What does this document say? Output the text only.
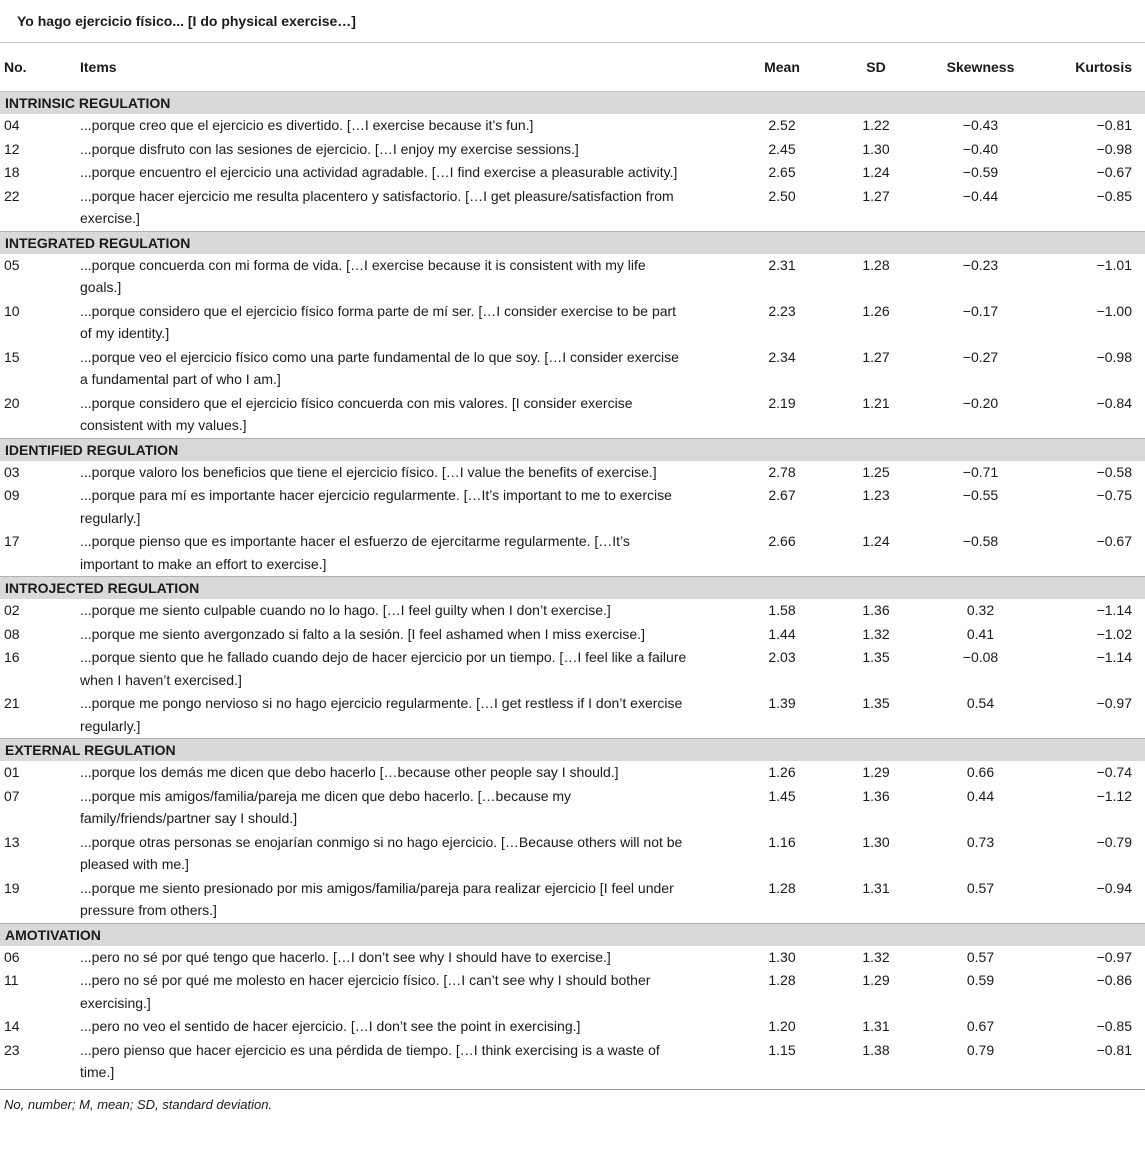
Yo hago ejercicio físico... [I do physical exercise…]
No.	Items	Mean	SD	Skewness	Kurtosis
INTRINSIC REGULATION					
04	...porque creo que el ejercicio es divertido. […I exercise because it’s fun.]	2.52	1.22	−0.43	−0.81
12	...porque disfruto con las sesiones de ejercicio. […I enjoy my exercise sessions.]	2.45	1.30	−0.40	−0.98
18	...porque encuentro el ejercicio una actividad agradable. […I find exercise a pleasurable activity.]	2.65	1.24	−0.59	−0.67
22	...porque hacer ejercicio me resulta placentero y satisfactorio. […I get pleasure/satisfaction from exercise.]	2.50	1.27	−0.44	−0.85
INTEGRATED REGULATION					
05	...porque concuerda con mi forma de vida. […I exercise because it is consistent with my life goals.]	2.31	1.28	−0.23	−1.01
10	...porque considero que el ejercicio físico forma parte de mí ser. […I consider exercise to be part of my identity.]	2.23	1.26	−0.17	−1.00
15	...porque veo el ejercicio físico como una parte fundamental de lo que soy. […I consider exercise a fundamental part of who I am.]	2.34	1.27	−0.27	−0.98
20	...porque considero que el ejercicio físico concuerda con mis valores. [I consider exercise consistent with my values.]	2.19	1.21	−0.20	−0.84
IDENTIFIED REGULATION					
03	...porque valoro los beneficios que tiene el ejercicio físico. […I value the benefits of exercise.]	2.78	1.25	−0.71	−0.58
09	...porque para mí es importante hacer ejercicio regularmente. […It’s important to me to exercise regularly.]	2.67	1.23	−0.55	−0.75
17	...porque pienso que es importante hacer el esfuerzo de ejercitarme regularmente. […It’s important to make an effort to exercise.]	2.66	1.24	−0.58	−0.67
INTROJECTED REGULATION					
02	...porque me siento culpable cuando no lo hago. […I feel guilty when I don’t exercise.]	1.58	1.36	0.32	−1.14
08	...porque me siento avergonzado si falto a la sesión. [I feel ashamed when I miss exercise.]	1.44	1.32	0.41	−1.02
16	...porque siento que he fallado cuando dejo de hacer ejercicio por un tiempo. […I feel like a failure when I haven’t exercised.]	2.03	1.35	−0.08	−1.14
21	...porque me pongo nervioso si no hago ejercicio regularmente. […I get restless if I don’t exercise regularly.]	1.39	1.35	0.54	−0.97
EXTERNAL REGULATION					
01	...porque los demás me dicen que debo hacerlo […because other people say I should.]	1.26	1.29	0.66	−0.74
07	...porque mis amigos/familia/pareja me dicen que debo hacerlo. […because my family/friends/partner say I should.]	1.45	1.36	0.44	−1.12
13	...porque otras personas se enojarían conmigo si no hago ejercicio. […Because others will not be pleased with me.]	1.16	1.30	0.73	−0.79
19	...porque me siento presionado por mis amigos/familia/pareja para realizar ejercicio [I feel under pressure from others.]	1.28	1.31	0.57	−0.94
AMOTIVATION					
06	...pero no sé por qué tengo que hacerlo. […I don’t see why I should have to exercise.]	1.30	1.32	0.57	−0.97
11	...pero no sé por qué me molesto en hacer ejercicio físico. […I can’t see why I should bother exercising.]	1.28	1.29	0.59	−0.86
14	...pero no veo el sentido de hacer ejercicio. […I don’t see the point in exercising.]	1.20	1.31	0.67	−0.85
23	...pero pienso que hacer ejercicio es una pérdida de tiempo. […I think exercising is a waste of time.]	1.15	1.38	0.79	−0.81
No, number; M, mean; SD, standard deviation.
